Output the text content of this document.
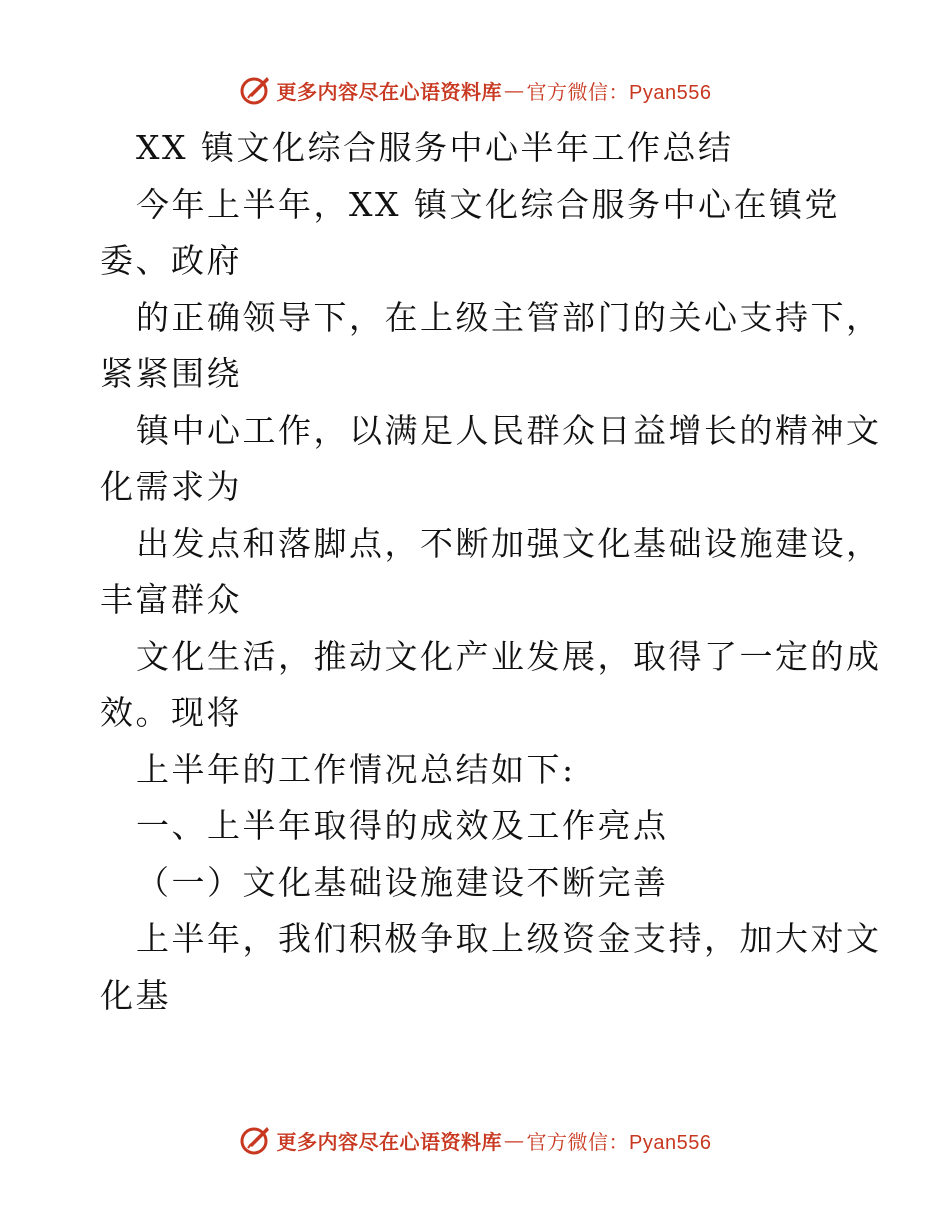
更多内容尽在心语资料库 — 官方微信：Pyan556
XX 镇文化综合服务中心半年工作总结
今年上半年，XX 镇文化综合服务中心在镇党
委、政府
的正确领导下，在上级主管部门的关心支持下，
紧紧围绕
镇中心工作，以满足人民群众日益增长的精神文
化需求为
出发点和落脚点，不断加强文化基础设施建设，
丰富群众
文化生活，推动文化产业发展，取得了一定的成
效。现将
上半年的工作情况总结如下:
一、上半年取得的成效及工作亮点
（一）文化基础设施建设不断完善
上半年，我们积极争取上级资金支持，加大对文
化基
更多内容尽在心语资料库 — 官方微信：Pyan556
